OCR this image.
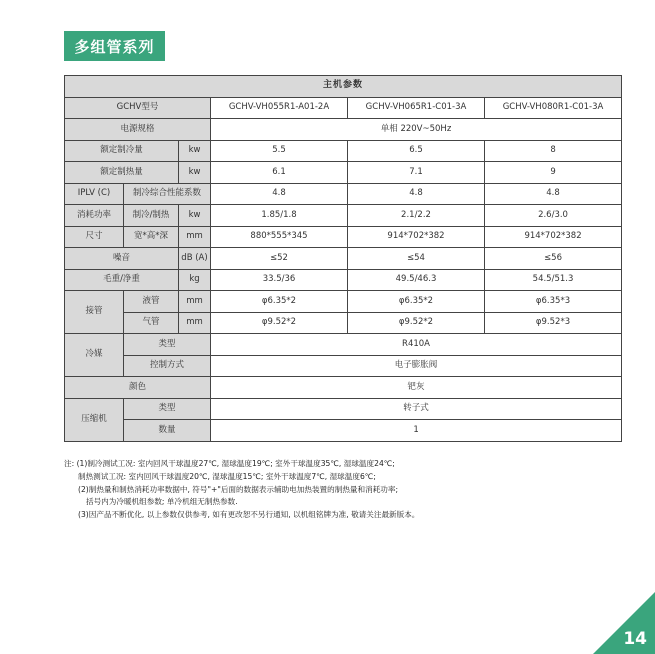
多组管系列
主机参数					
GCHV型号			GCHV-VH055R1-A01-2A	GCHV-VH065R1-C01-3A	GCHV-VH080R1-C01-3A
电源规格			单相 220V~50Hz		
额定制冷量		kw	5.5	6.5	8
额定制热量		kw	6.1	7.1	9
IPLV (C)	制冷综合性能系数		4.8	4.8	4.8
消耗功率	制冷/制热	kw	1.85/1.8	2.1/2.2	2.6/3.0
尺寸	宽*高*深	mm	880*555*345	914*702*382	914*702*382
噪音		dB (A)	≤52	≤54	≤56
毛重/净重		kg	33.5/36	49.5/46.3	54.5/51.3
接管	液管	mm	φ6.35*2	φ6.35*2	φ6.35*3
	气管	mm	φ9.52*2	φ9.52*2	φ9.52*3
冷媒	类型		R410A		
	控制方式		电子膨胀阀		
颜色			钯灰		
压缩机	类型		转子式		
	数量		1		
注: (1)制冷测试工况: 室内回风干球温度27℃, 湿球温度19℃; 室外干球温度35℃, 湿球温度24℃;
制热测试工况: 室内回风干球温度20℃, 湿球温度15℃; 室外干球温度7℃, 湿球温度6℃;
(2)制热量和制热消耗功率数据中, 符号"+"后面的数据表示辅助电加热装置的制热量和消耗功率;
括号内为冷暖机组参数; 单冷机组无制热参数.
(3)因产品不断优化, 以上参数仅供参考, 如有更改恕不另行通知, 以机组铭牌为准, 敬请关注最新版本。
14
